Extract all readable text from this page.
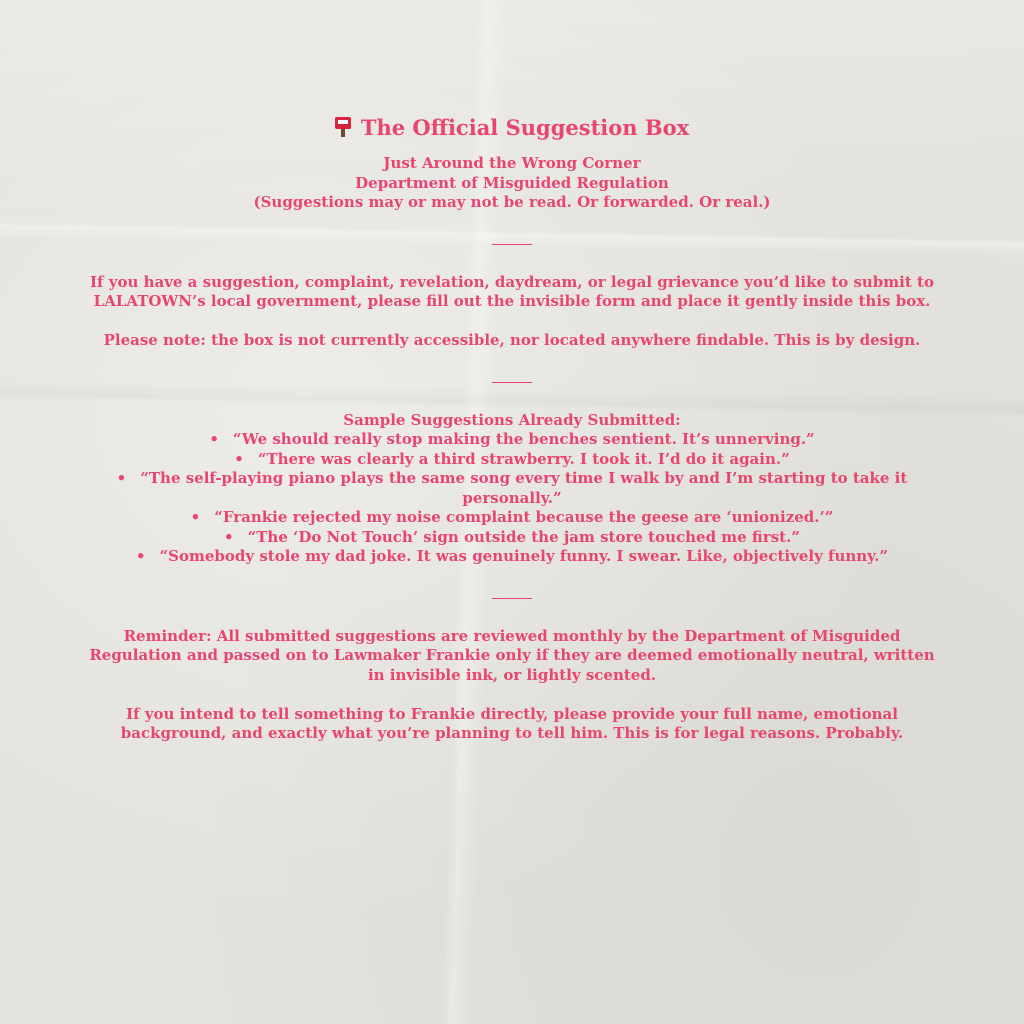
The Official Suggestion Box
Just Around the Wrong Corner
Department of Misguided Regulation
(Suggestions may or may not be read. Or forwarded. Or real.)

If you have a suggestion, complaint, revelation, daydream, or legal grievance you’d like to submit to LALATOWN’s local government, please fill out the invisible form and place it gently inside this box.

Please note: the box is not currently accessible, nor located anywhere findable. This is by design.

Sample Suggestions Already Submitted:
• “We should really stop making the benches sentient. It’s unnerving.”
• “There was clearly a third strawberry. I took it. I’d do it again.”
• “The self-playing piano plays the same song every time I walk by and I’m starting to take it personally.”
• “Frankie rejected my noise complaint because the geese are ‘unionized.’”
• “The ‘Do Not Touch’ sign outside the jam store touched me first.”
• “Somebody stole my dad joke. It was genuinely funny. I swear. Like, objectively funny.”

Reminder: All submitted suggestions are reviewed monthly by the Department of Misguided Regulation and passed on to Lawmaker Frankie only if they are deemed emotionally neutral, written in invisible ink, or lightly scented.

If you intend to tell something to Frankie directly, please provide your full name, emotional background, and exactly what you’re planning to tell him. This is for legal reasons. Probably.
